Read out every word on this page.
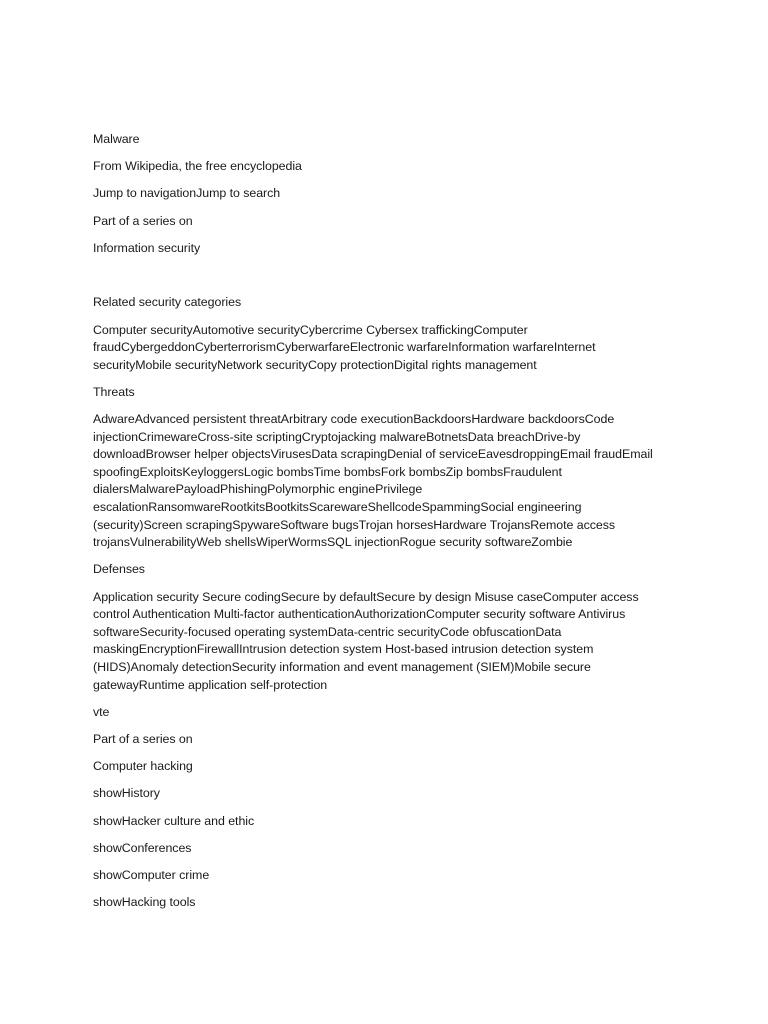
Malware

From Wikipedia, the free encyclopedia

Jump to navigationJump to search

Part of a series on

Information security

Related security categories

Computer securityAutomotive securityCybercrime Cybersex traffickingComputer fraudCybergeddonCyberterrorismCyberwarfareElectronic warfareInformation warfareInternet securityMobile securityNetwork securityCopy protectionDigital rights management

Threats

AdwareAdvanced persistent threatArbitrary code executionBackdoorsHardware backdoorsCode injectionCrimewareCross-site scriptingCryptojacking malwareBotnetsData breachDrive-by downloadBrowser helper objectsVirusesData scrapingDenial of serviceEavesdroppingEmail fraudEmail spoofingExploitsKeyloggersLogic bombsTime bombsFork bombsZip bombsFraudulent dialersMalwarePayloadPhishingPolymorphic enginePrivilege escalationRansomwareRootkitsBootkitsScarewareShellcodeSpammingSocial engineering (security)Screen scrapingSpywareSoftware bugsTrojan horsesHardware TrojansRemote access trojansVulnerabilityWeb shellsWiperWormsSQL injectionRogue security softwareZombie

Defenses

Application security Secure codingSecure by defaultSecure by design Misuse caseComputer access control Authentication Multi-factor authenticationAuthorizationComputer security software Antivirus softwareSecurity-focused operating systemData-centric securityCode obfuscationData maskingEncryptionFirewallIntrusion detection system Host-based intrusion detection system (HIDS)Anomaly detectionSecurity information and event management (SIEM)Mobile secure gatewayRuntime application self-protection

vte

Part of a series on

Computer hacking

showHistory

showHacker culture and ethic

showConferences

showComputer crime

showHacking tools
